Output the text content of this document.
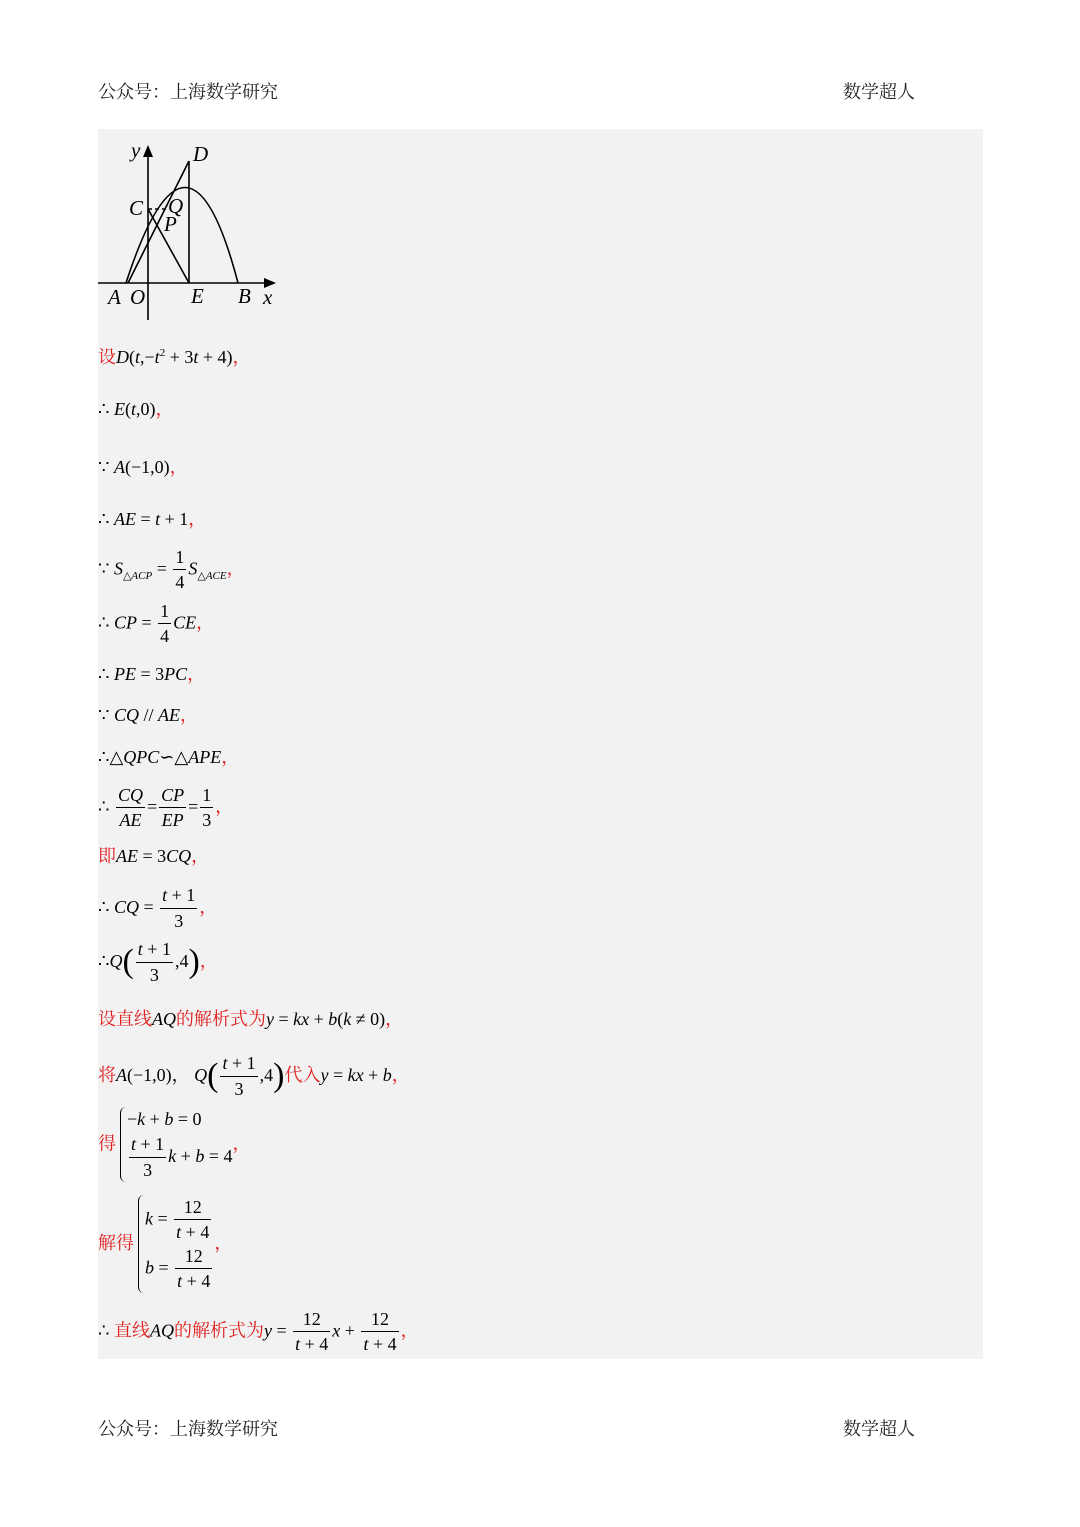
公众号：上海数学研究	数学超人
y	D
C Q
P
A O E B x
设$D(t,-t^2 + 3t + 4)$，
∴ E(t,0)，
∵ A(−1,0)，
∴ AE = t + 1，
∵ $S_{\triangle ACP} = \frac{1}{4} S_{\triangle ACE}$，
∴ CP = $\frac{1}{4}$ CE，
∴ PE = 3PC，
∵ CQ // AE，
∴△QPC∽△APE，
∴ $\frac{CQ}{AE} = \frac{CP}{EP} = \frac{1}{3}$ ，
即AE = 3CQ，
∴ CQ = $\frac{t + 1}{3}$ ，
∴Q( $\frac{t + 1}{3} ,4$)，
设直线AQ的解析式为y = kx + b(k ≠ 0)，
将A(−1,0)， $Q( \frac{t + 1}{3} ,4)$代入y = kx + b，
得
−k + b = 0
$\frac{t + 1}{3}$ k + b = 4
，
解得
$k = \frac{12}{t + 4}$
$b = \frac{12}{t + 4}$
，
∴ 直线AQ的解析式为$y = \frac{12}{t + 4}$ $x + \frac{12}{t + 4}$ ，
公众号：上海数学研究	数学超人
